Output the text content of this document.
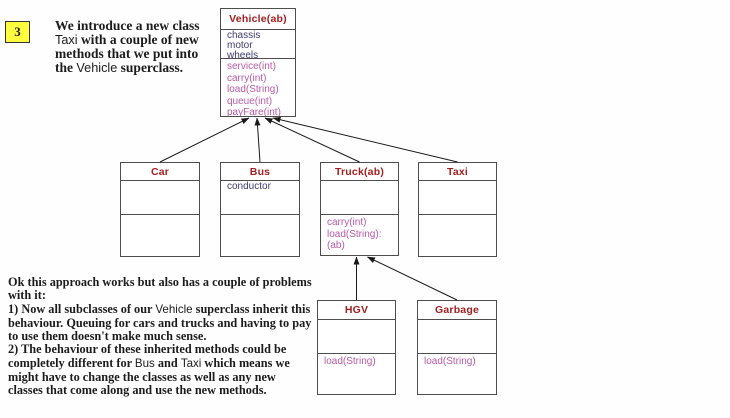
3	We introduce a new class
Taxi with a couple of new
methods that we put into
the Vehicle superclass.
Vehicle(ab)
chassis
motor
wheels
service(int)
carry(int)
load(String)
queue(int)
payFare(int)
Car	Bus
conductor
Truck(ab)
carry(int)
load(String):
(ab)
Taxi
HGV
load(String)
Garbage
load(String)
Ok this approach works but also has a couple of problems
with it:
1) Now all subclasses of our Vehicle superclass inherit this
behaviour. Queuing for cars and trucks and having to pay
to use them doesn't make much sense.
2) The behaviour of these inherited methods could be
completely different for Bus and Taxi which means we
might have to change the classes as well as any new
classes that come along and use the new methods.
